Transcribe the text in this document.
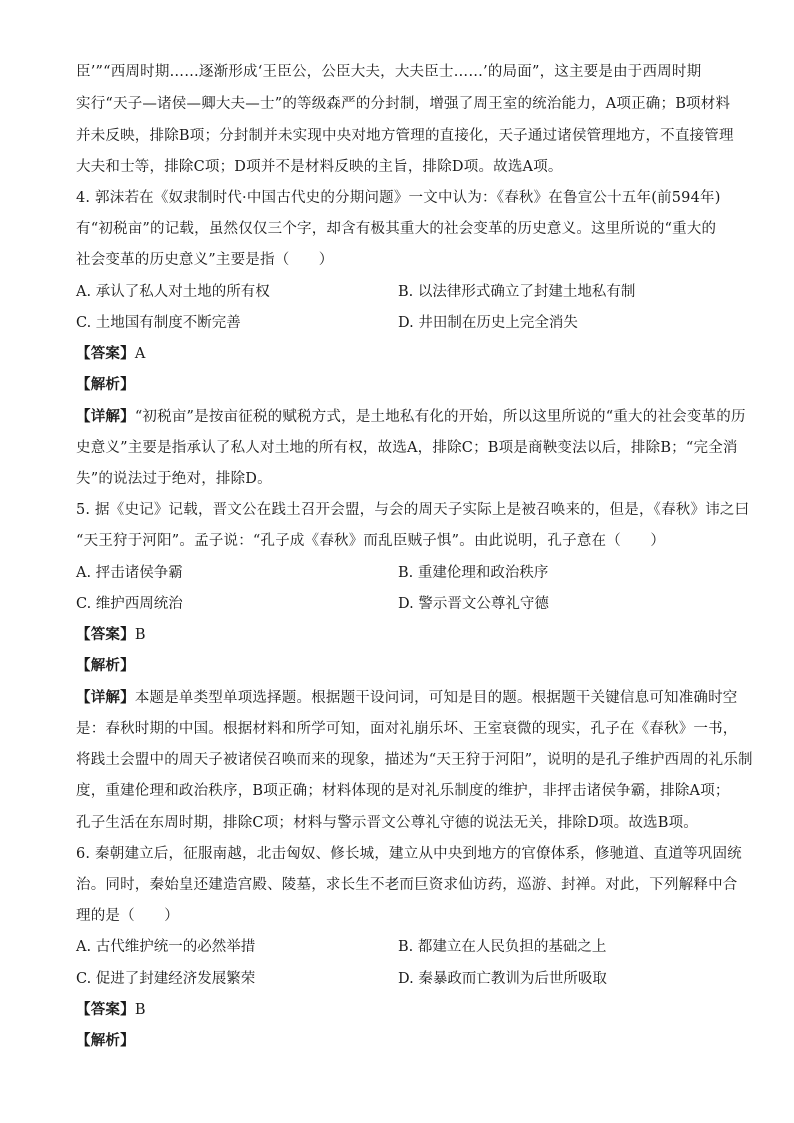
臣’”“西周时期……逐渐形成‘王臣公，公臣大夫，大夫臣士……’的局面”，这主要是由于西周时期
实行“天子—诸侯—卿大夫—士”的等级森严的分封制，增强了周王室的统治能力，A项正确；B项材料
并未反映，排除B项；分封制并未实现中央对地方管理的直接化，天子通过诸侯管理地方，不直接管理
大夫和士等，排除C项；D项并不是材料反映的主旨，排除D项。故选A项。
4. 郭沫若在《奴隶制时代·中国古代史的分期问题》一文中认为：《春秋》在鲁宣公十五年(前594年)
有“初税亩”的记载，虽然仅仅三个字，却含有极其重大的社会变革的历史意义。这里所说的“重大的
社会变革的历史意义”主要是指（　　）
A. 承认了私人对土地的所有权	B. 以法律形式确立了封建土地私有制
C. 土地国有制度不断完善	D. 井田制在历史上完全消失
【答案】A
【解析】
【详解】“初税亩”是按亩征税的赋税方式，是土地私有化的开始，所以这里所说的“重大的社会变革的历
史意义”主要是指承认了私人对土地的所有权，故选A，排除C；B项是商鞅变法以后，排除B；“完全消
失”的说法过于绝对，排除D。
5. 据《史记》记载，晋文公在践土召开会盟，与会的周天子实际上是被召唤来的，但是，《春秋》讳之曰
“天王狩于河阳”。孟子说：“孔子成《春秋》而乱臣贼子惧”。由此说明，孔子意在（　　）
A. 抨击诸侯争霸	B. 重建伦理和政治秩序
C. 维护西周统治	D. 警示晋文公尊礼守德
【答案】B
【解析】
【详解】本题是单类型单项选择题。根据题干设问词，可知是目的题。根据题干关键信息可知准确时空
是：春秋时期的中国。根据材料和所学可知，面对礼崩乐坏、王室衰微的现实，孔子在《春秋》一书，
将践土会盟中的周天子被诸侯召唤而来的现象，描述为“天王狩于河阳”，说明的是孔子维护西周的礼乐制
度，重建伦理和政治秩序，B项正确；材料体现的是对礼乐制度的维护，非抨击诸侯争霸，排除A项；
孔子生活在东周时期，排除C项；材料与警示晋文公尊礼守德的说法无关，排除D项。故选B项。
6. 秦朝建立后，征服南越，北击匈奴、修长城，建立从中央到地方的官僚体系，修驰道、直道等巩固统
治。同时，秦始皇还建造宫殿、陵墓，求长生不老而巨资求仙访药，巡游、封禅。对此，下列解释中合
理的是（　　）
A. 古代维护统一的必然举措	B. 都建立在人民负担的基础之上
C. 促进了封建经济发展繁荣	D. 秦暴政而亡教训为后世所吸取
【答案】B
【解析】
